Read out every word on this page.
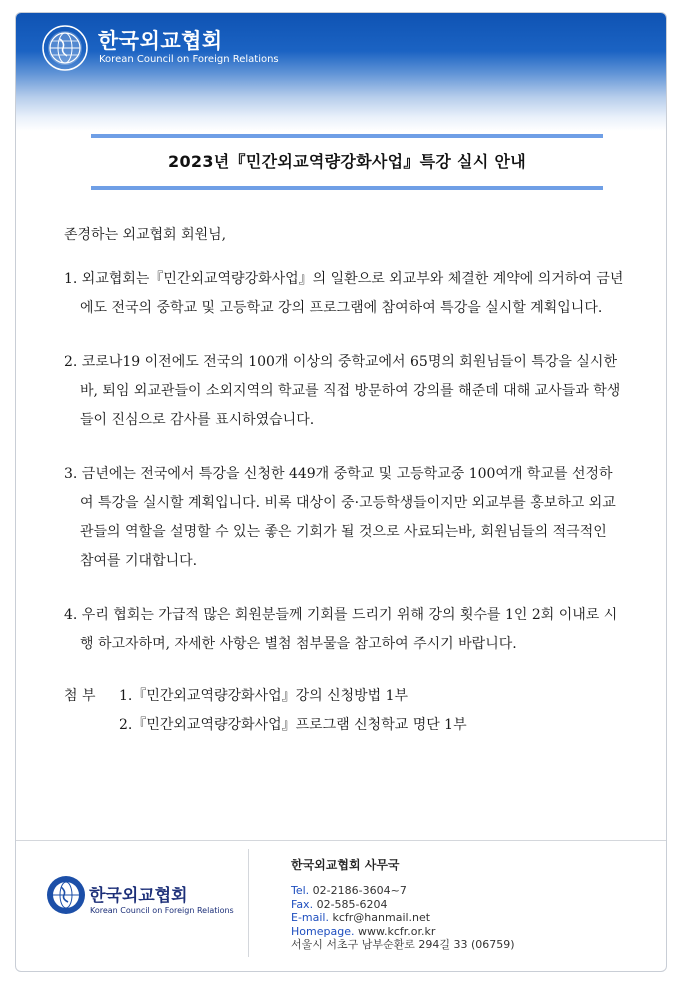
한국외교협회
Korean Council on Foreign Relations
2023년『민간외교역량강화사업』특강 실시 안내
존경하는 외교협회 회원님,
1. 외교협회는『민간외교역량강화사업』의 일환으로 외교부와 체결한 계약에 의거하여 금년에도 전국의 중학교 및 고등학교 강의 프로그램에 참여하여 특강을 실시할 계획입니다.
2. 코로나19 이전에도 전국의 100개 이상의 중학교에서 65명의 회원님들이 특강을 실시한바, 퇴임 외교관들이 소외지역의 학교를 직접 방문하여 강의를 해준데 대해 교사들과 학생들이 진심으로 감사를 표시하였습니다.
3. 금년에는 전국에서 특강을 신청한 449개 중학교 및 고등학교중 100여개 학교를 선정하여 특강을 실시할 계획입니다. 비록 대상이 중·고등학생들이지만 외교부를 홍보하고 외교관들의 역할을 설명할 수 있는 좋은 기회가 될 것으로 사료되는바, 회원님들의 적극적인 참여를 기대합니다.
4. 우리 협회는 가급적 많은 회원분들께 기회를 드리기 위해 강의 횟수를 1인 2회 이내로 시행 하고자하며, 자세한 사항은 별첨 첨부물을 참고하여 주시기 바랍니다.
첨 부	1.『민간외교역량강화사업』강의 신청방법 1부
2.『민간외교역량강화사업』프로그램 신청학교 명단 1부
한국외교협회
Korean Council on Foreign Relations
한국외교협회 사무국
Tel. 02-2186-3604~7
Fax. 02-585-6204
E-mail. kcfr@hanmail.net
Homepage. www.kcfr.or.kr
서울시 서초구 남부순환로 294길 33 (06759)
